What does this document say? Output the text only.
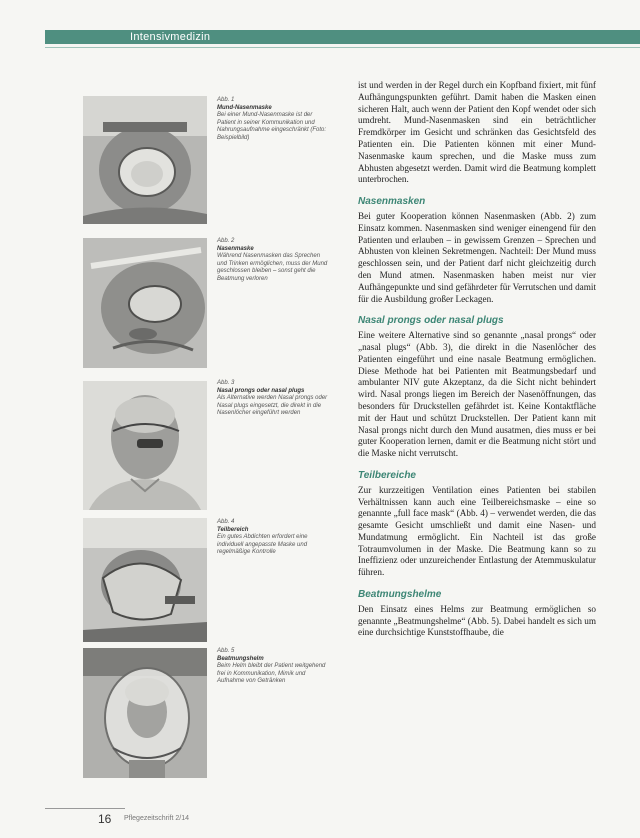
Intensivmedizin
Abb. 1
Mund-Nasenmaske
Bei einer Mund-Nasenmaske ist der Patient in seiner Kommunikation und Nahrungsaufnahme eingeschränkt (Foto: Beispielbild)
Abb. 2
Nasenmaske
Während Nasenmasken das Sprechen und Trinken ermöglichen, muss der Mund geschlossen bleiben – sonst geht die Beatmung verloren
Abb. 3
Nasal prongs oder nasal plugs
Als Alternative werden Nasal prongs oder Nasal plugs eingesetzt, die direkt in die Nasenlöcher eingeführt werden
Abb. 4
Teilbereich
Ein gutes Abdichten erfordert eine individuell angepasste Maske und regelmäßige Kontrolle
Abb. 5
Beatmungshelm
Beim Helm bleibt der Patient weitgehend frei in Kommunikation, Mimik und Aufnahme von Getränken

ist und werden in der Regel durch ein Kopfband fixiert, mit fünf Aufhängungspunkten geführt. Damit haben die Masken einen sicheren Halt, auch wenn der Patient den Kopf wendet oder sich umdreht. Mund-Nasenmasken sind ein beträchtlicher Fremdkörper im Gesicht und schränken das Gesichtsfeld des Patienten ein. Die Patienten können mit einer Mund-Nasenmaske kaum sprechen, und die Maske muss zum Abhusten abgesetzt werden. Damit wird die Beatmung komplett unterbrochen.

Nasenmasken

Bei guter Kooperation können Nasenmasken (Abb. 2) zum Einsatz kommen. Nasenmasken sind weniger einengend für den Patienten und erlauben – in gewissem Grenzen – Sprechen und Abhusten von kleinen Sekretmengen. Nachteil: Der Mund muss geschlossen sein, und der Patient darf nicht gleichzeitig durch den Mund atmen. Nasenmasken haben meist nur vier Aufhängepunkte und sind gefährdeter für Verrutschen und damit für die Ausbildung großer Leckagen.

Nasal prongs oder nasal plugs

Eine weitere Alternative sind so genannte „nasal prongs“ oder „nasal plugs“ (Abb. 3), die direkt in die Nasenlöcher des Patienten eingeführt und eine nasale Beatmung ermöglichen. Diese Methode hat bei Patienten mit Beatmungsbedarf und ambulanter NIV gute Akzeptanz, da die Sicht nicht behindert wird. Nasal prongs liegen im Bereich der Nasenöffnungen, das besonders für Druckstellen gefährdet ist. Keine Kontaktfläche mit der Haut und schützt Druckstellen. Der Patient kann mit Nasal prongs nicht durch den Mund ausatmen, dies muss er bei guter Kooperation lernen, damit er die Beatmung nicht stört und die Maske nicht verrutscht.

Teilbereiche

Zur kurzzeitigen Ventilation eines Patienten bei stabilen Verhältnissen kann auch eine Teilbereichsmaske – eine so genannte „full face mask“ (Abb. 4) – verwendet werden, die das gesamte Gesicht umschließt und damit eine Nasen- und Mundatmung ermöglicht. Ein Nachteil ist das große Totraumvolumen in der Maske. Die Beatmung kann so zu Ineffizienz oder unzureichender Entlastung der Atemmuskulatur führen.

Beatmungshelme

Den Einsatz eines Helms zur Beatmung ermöglichen so genannte „Beatmungshelme“ (Abb. 5). Dabei handelt es sich um eine durchsichtige Kunststoffhaube, die

16 Pflegezeitschrift 2/14
